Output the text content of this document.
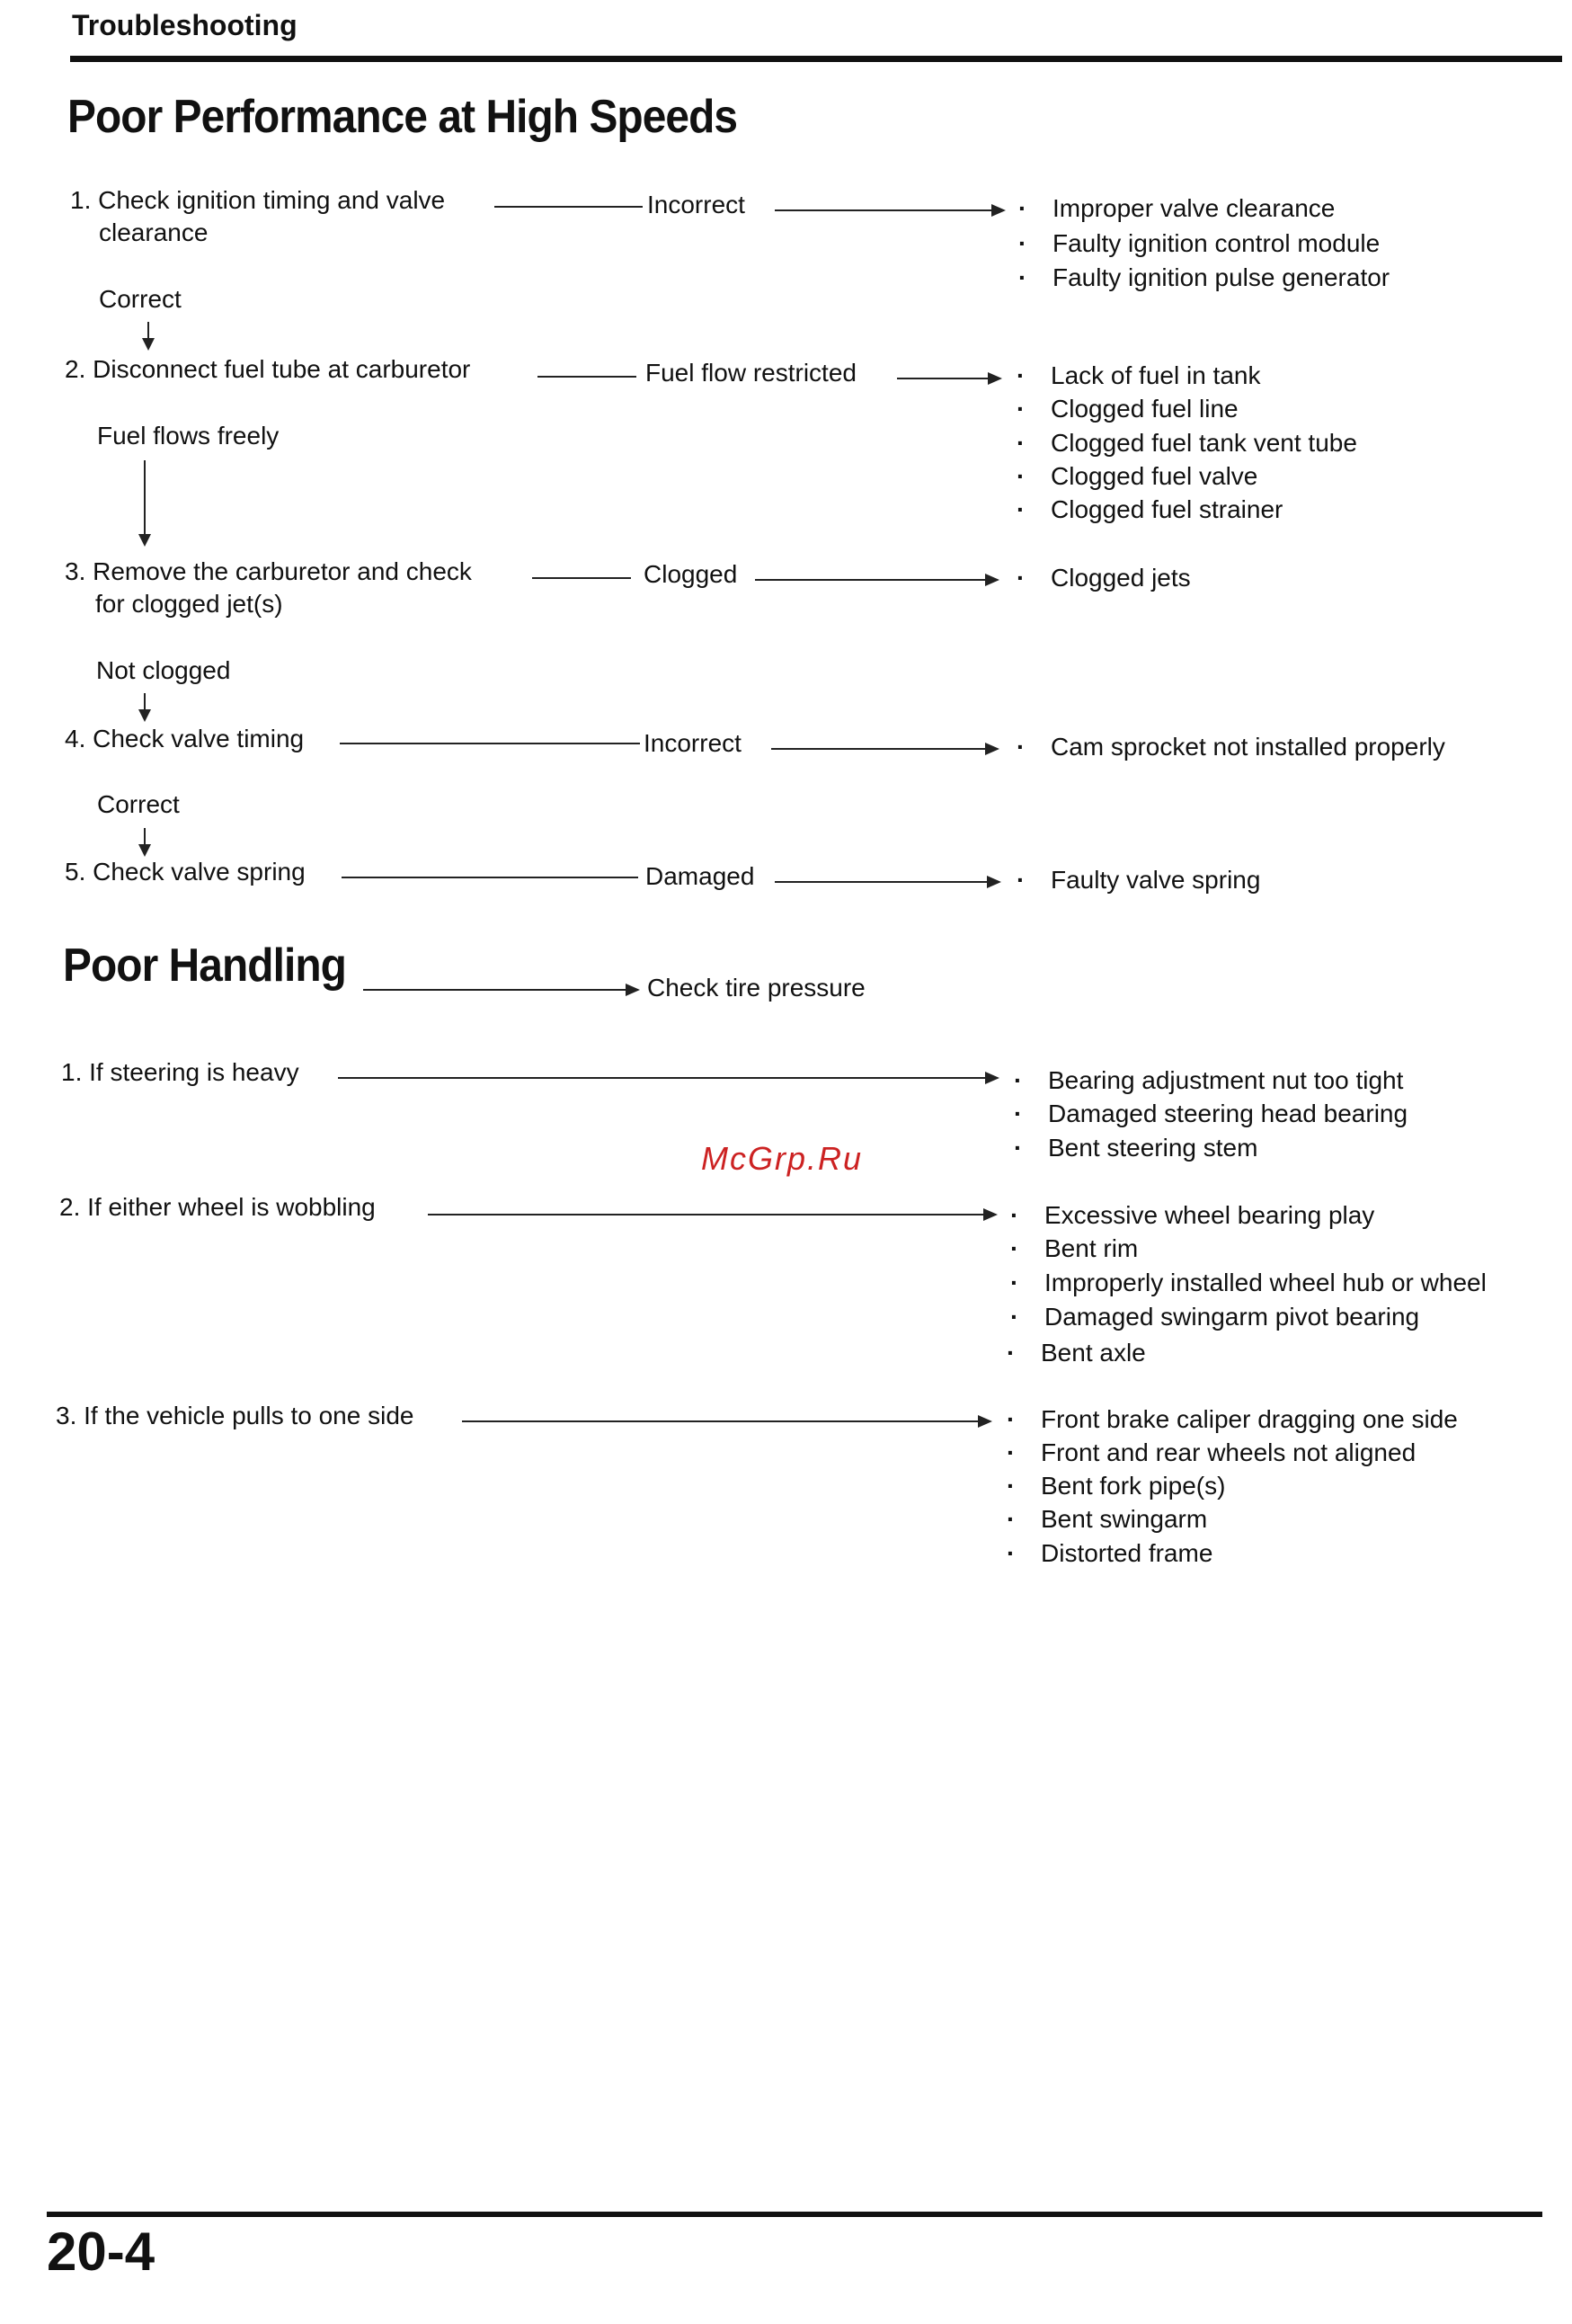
Troubleshooting
Poor Performance at High Speeds
1. Check ignition timing and valve
clearance
Incorrect	· Improper valve clearance
· Faulty ignition control module
· Faulty ignition pulse generator
Correct
2. Disconnect fuel tube at carburetor	Fuel flow restricted	· Lack of fuel in tank
· Clogged fuel line
· Clogged fuel tank vent tube
· Clogged fuel valve
· Clogged fuel strainer
Fuel flows freely
3. Remove the carburetor and check
for clogged jet(s)
Clogged	· Clogged jets
Not clogged
4. Check valve timing	Incorrect	· Cam sprocket not installed properly
Correct
5. Check valve spring	Damaged	· Faulty valve spring
Poor Handling	Check tire pressure
1. If steering is heavy	· Bearing adjustment nut too tight
· Damaged steering head bearing
· Bent steering stem
McGrp.Ru
2. If either wheel is wobbling	· Excessive wheel bearing play
· Bent rim
· Improperly installed wheel hub or wheel
· Damaged swingarm pivot bearing
· Bent axle
3. If the vehicle pulls to one side	· Front brake caliper dragging one side
· Front and rear wheels not aligned
· Bent fork pipe(s)
· Bent swingarm
· Distorted frame
20-4
